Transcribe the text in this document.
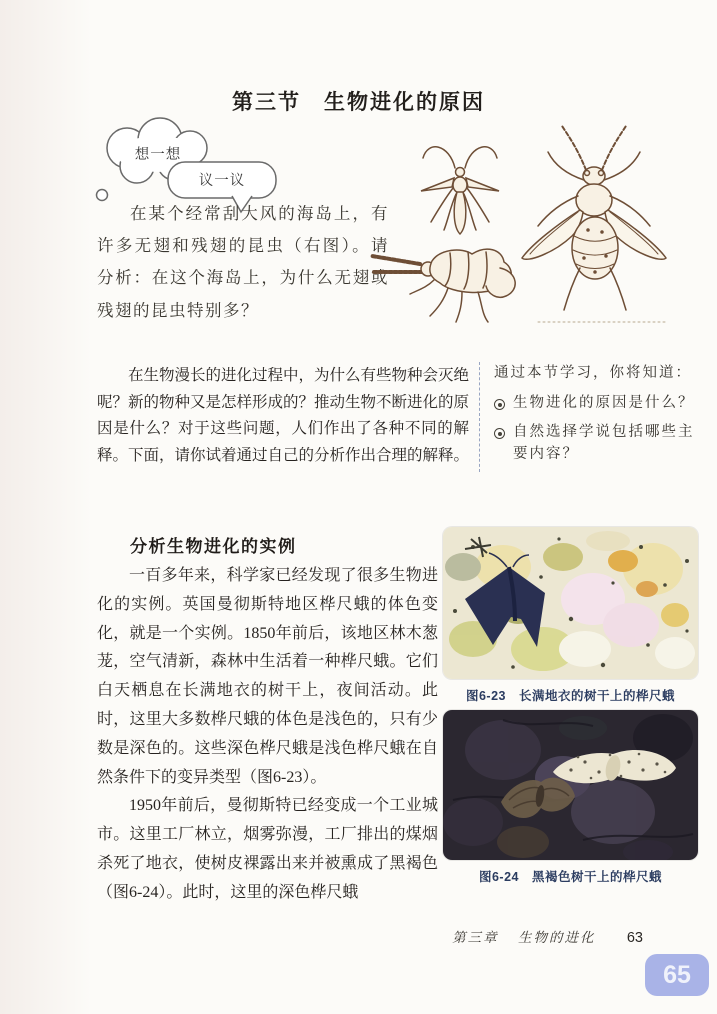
第三节　生物进化的原因
想一想
议一议

在某个经常刮大风的海岛上，有许多无翅和残翅的昆虫（右图）。请分析：在这个海岛上，为什么无翅或残翅的昆虫特别多？

在生物漫长的进化过程中，为什么有些物种会灭绝呢？新的物种又是怎样形成的？推动生物不断进化的原因是什么？对于这些问题，人们作出了各种不同的解释。下面，请你试着通过自己的分析作出合理的解释。

通过本节学习，你将知道：

生物进化的原因是什么？
自然选择学说包括哪些主要内容？
分析生物进化的实例

一百多年来，科学家已经发现了很多生物进化的实例。英国曼彻斯特地区桦尺蛾的体色变化，就是一个实例。1850年前后，该地区林木葱茏，空气清新，森林中生活着一种桦尺蛾。它们白天栖息在长满地衣的树干上，夜间活动。此时，这里大多数桦尺蛾的体色是浅色的，只有少数是深色的。这些深色桦尺蛾是浅色桦尺蛾在自然条件下的变异类型（图6-23）。

1950年前后，曼彻斯特已经变成一个工业城市。这里工厂林立，烟雾弥漫，工厂排出的煤烟杀死了地衣，使树皮裸露出来并被熏成了黑褐色（图6-24）。此时，这里的深色桦尺蛾

图6-23　长满地衣的树干上的桦尺蛾
图6-24　黑褐色树干上的桦尺蛾
第三章 生物的进化 63
65
